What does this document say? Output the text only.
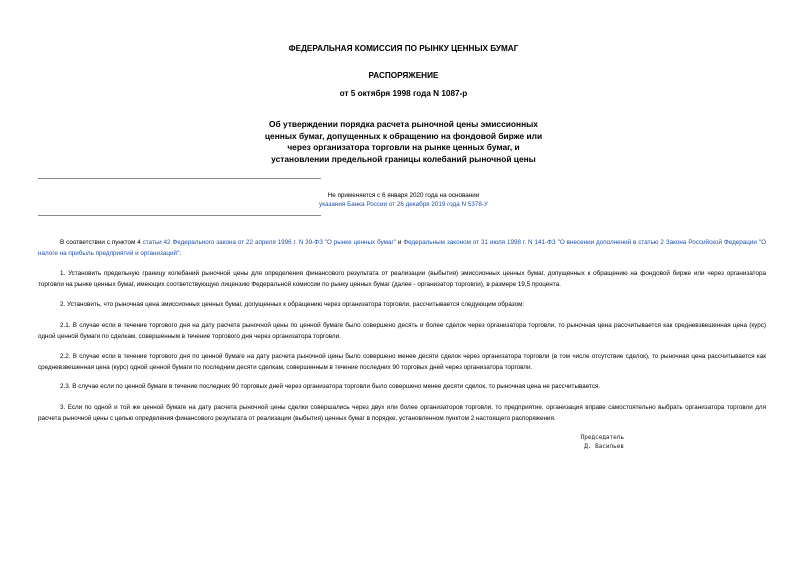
ФЕДЕРАЛЬНАЯ КОМИССИЯ ПО РЫНКУ ЦЕННЫХ БУМАГ
РАСПОРЯЖЕНИЕ
от 5 октября 1998 года N 1087-р
Об утверждении порядка расчета рыночной цены эмиссионных
ценных бумаг, допущенных к обращению на фондовой бирже или
через организатора торговли на рынке ценных бумаг, и
установлении предельной границы колебаний рыночной цены
Не применяется с 6 января 2020 года на основании
указания Банка России от 26 декабря 2019 года N 5378-У

В соответствии с пунктом 4 статьи 42 Федерального закона от 22 апреля 1996 г. N 39-ФЗ "О рынке ценных бумаг" и Федеральным законом от 31 июля 1998 г. N 141-ФЗ "О внесении дополнений в статью 2 Закона Российской Федерации "О налоге на прибыль предприятий и организаций":

1. Установить предельную границу колебаний рыночной цены для определения финансового результата от реализации (выбытия) эмиссионных ценных бумаг, допущенных к обращению на фондовой бирже или через организатора торговли на рынке ценных бумаг, имеющих соответствующую лицензию Федеральной комиссии по рынку ценных бумаг (далее - организатор торговли), в размере 19,5 процента.

2. Установить, что рыночная цена эмиссионных ценных бумаг, допущенных к обращению через организатора торговли, рассчитывается следующим образом:

2.1. В случае если в течение торгового дня на дату расчета рыночной цены по ценной бумаге было совершено десять и более сделок через организатора торговли, то рыночная цена рассчитывается как средневзвешенная цена (курс) одной ценной бумаги по сделкам, совершенным в течение торгового дня через организатора торговли.

2.2. В случае если в течение торгового дня по ценной бумаге на дату расчета рыночной цены было совершено менее десяти сделок через организатора торговли (в том числе отсутствие сделок), то рыночная цена рассчитывается как средневзвешенная цена (курс) одной ценной бумаги по последним десяти сделкам, совершенным в течение последних 90 торговых дней через организатора торговли.

2.3. В случае если по ценной бумаге в течение последних 90 торговых дней через организатора торговли было совершено менее десяти сделок, то рыночная цена не рассчитывается.

3. Если по одной и той же ценной бумаге на дату расчета рыночной цены сделки совершались через двух или более организаторов торговли, то предприятие, организация вправе самостоятельно выбрать организатора торговли для расчета рыночной цены с целью определения финансового результата от реализации (выбытия) ценных бумаг в порядке, установленном пунктом 2 настоящего распоряжения.

Председатель
Д. Васильев
